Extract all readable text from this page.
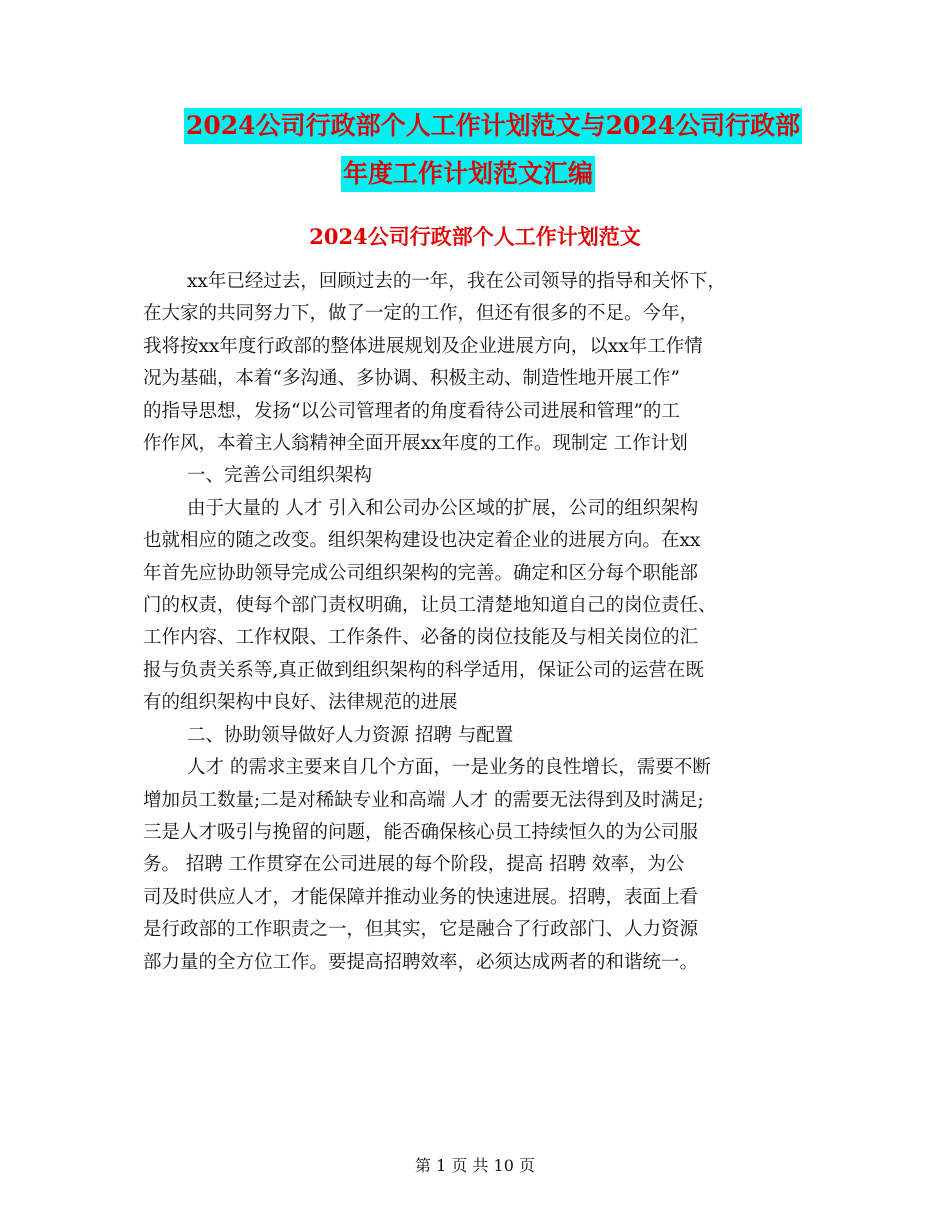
2024公司行政部个人工作计划范文与2024公司行政部
年度工作计划范文汇编
2024公司行政部个人工作计划范文
xx年已经过去，回顾过去的一年，我在公司领导的指导和关怀下，
在大家的共同努力下，做了一定的工作，但还有很多的不足。今年，
我将按xx年度行政部的整体进展规划及企业进展方向，以xx年工作情
况为基础，本着“多沟通、多协调、积极主动、制造性地开展工作”
的指导思想，发扬“以公司管理者的角度看待公司进展和管理”的工
作作风，本着主人翁精神全面开展xx年度的工作。现制定 工作计划
一、完善公司组织架构
由于大量的 人才 引入和公司办公区域的扩展，公司的组织架构
也就相应的随之改变。组织架构建设也决定着企业的进展方向。在xx
年首先应协助领导完成公司组织架构的完善。确定和区分每个职能部
门的权责，使每个部门责权明确，让员工清楚地知道自己的岗位责任、
工作内容、工作权限、工作条件、必备的岗位技能及与相关岗位的汇
报与负责关系等,真正做到组织架构的科学适用，保证公司的运营在既
有的组织架构中良好、法律规范的进展
二、协助领导做好人力资源 招聘 与配置
人才 的需求主要来自几个方面，一是业务的良性增长，需要不断
增加员工数量;二是对稀缺专业和高端 人才 的需要无法得到及时满足;
三是人才吸引与挽留的问题，能否确保核心员工持续恒久的为公司服
务。 招聘 工作贯穿在公司进展的每个阶段，提高 招聘 效率，为公
司及时供应人才，才能保障并推动业务的快速进展。招聘，表面上看
是行政部的工作职责之一，但其实，它是融合了行政部门、人力资源
部力量的全方位工作。要提高招聘效率，必须达成两者的和谐统一。
第 1 页 共 10 页
